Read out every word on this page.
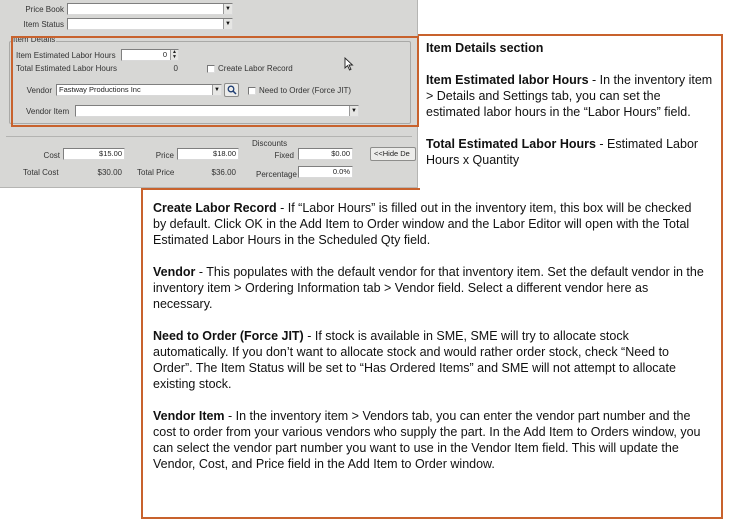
Price Book	▼
Item Status	▼
Item Details
Item Estimated Labor Hours	0	▲
▼
Total Estimated Labor Hours	0	Create Labor Record
Vendor Fastway Productions Inc	▼	Need to Order (Force JIT)
Vendor Item	▼
Discounts
Cost	$15.00	Price	$18.00	Fixed	$0.00	<<Hide De
Total Cost	$30.00 Total Price	$36.00	Percentage	0.0%

Item Details section

Item Estimated labor Hours - In the inventory item > Details and Settings tab, you can set the estimated labor hours in the “Labor Hours” field.

Total Estimated Labor Hours - Estimated Labor Hours x Quantity

Create Labor Record - If “Labor Hours” is filled out in the inventory item, this box will be checked by default. Click OK in the Add Item to Order window and the Labor Editor will open with the Total Estimated Labor Hours in the Scheduled Qty field.

Vendor - This populates with the default vendor for that inventory item. Set the default vendor in the inventory item > Ordering Information tab > Vendor field. Select a different vendor here as necessary.

Need to Order (Force JIT) - If stock is available in SME, SME will try to allocate stock automatically. If you don’t want to allocate stock and would rather order stock, check “Need to Order”. The Item Status will be set to “Has Ordered Items” and SME will not attempt to allocate existing stock.

Vendor Item - In the inventory item > Vendors tab, you can enter the vendor part number and the cost to order from your various vendors who supply the part. In the Add Item to Orders window, you can select the vendor part number you want to use in the Vendor Item field. This will update the Vendor, Cost, and Price field in the Add Item to Order window.
